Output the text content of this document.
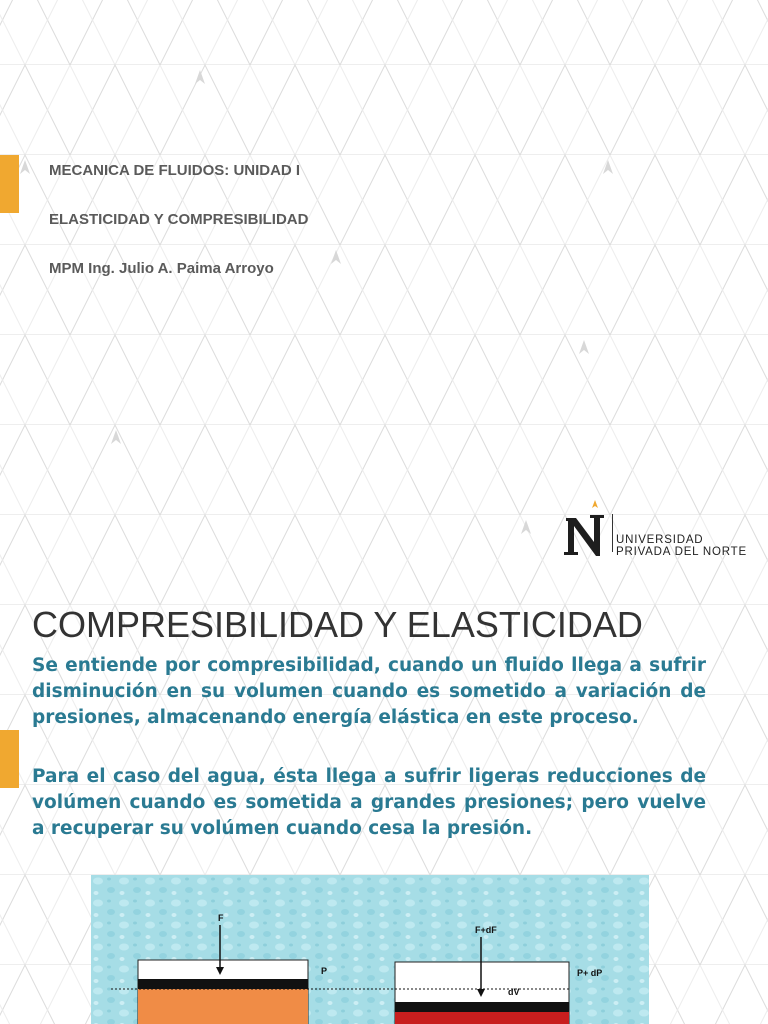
MECANICA DE FLUIDOS: UNIDAD I

ELASTICIDAD Y COMPRESIBILIDAD

MPM Ing. Julio A. Paima Arroyo

UNIVERSIDAD
PRIVADA DEL NORTE

COMPRESIBILIDAD Y ELASTICIDAD

Se entiende por compresibilidad, cuando un fluido llega a sufrir disminución en su volumen cuando es sometido a variación de presiones, almacenando energía elástica en este proceso.

Para el caso del agua, ésta llega a sufrir ligeras reducciones de volúmen cuando es sometida a grandes presiones; pero vuelve a recuperar su volúmen cuando cesa la presión.

F
P
F+dF
P+ dP
dV
